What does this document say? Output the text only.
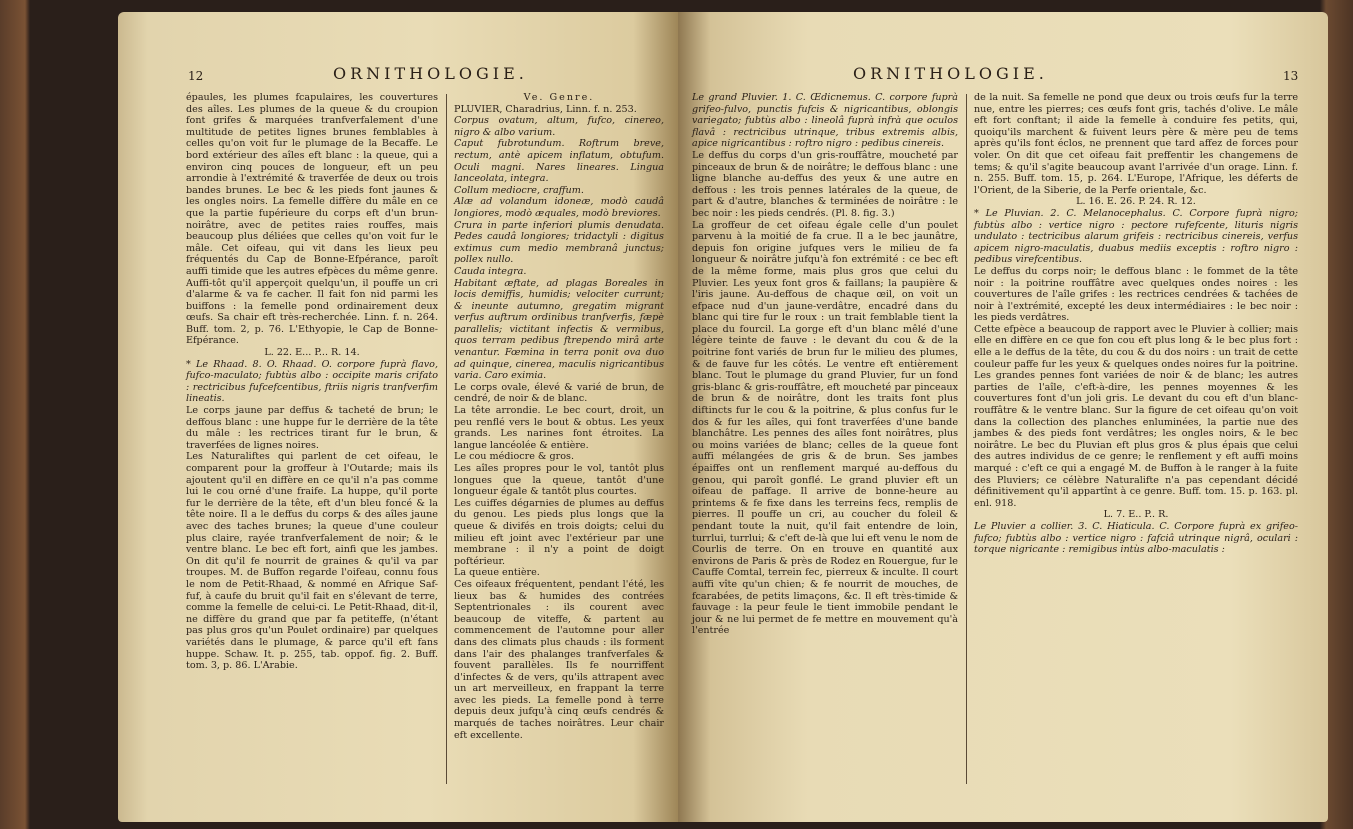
12	ORNITHOLOGIE.

épaules, les plumes fcapulaires, les couvertures des aîles. Les plumes de la queue & du croupion font grifes & marquées tranfverfalement d'une multitude de petites lignes brunes femblables à celles qu'on voit fur le plumage de la Becaffe. Le bord extérieur des aîles eft blanc : la queue, qui a environ cinq pouces de longueur, eft un peu arrondie à l'extrémité & traverfée de deux ou trois bandes brunes. Le bec & les pieds font jaunes & les ongles noirs. La femelle diffère du mâle en ce que la partie fupérieure du corps eft d'un brun-noirâtre, avec de petites raies rouffes, mais beaucoup plus déliées que celles qu'on voit fur le mâle. Cet oifeau, qui vit dans les lieux peu fréquentés du Cap de Bonne-Efpérance, paroît auffi timide que les autres efpèces du même genre. Auffi-tôt qu'il apperçoit quelqu'un, il pouffe un cri d'alarme & va fe cacher. Il fait fon nid parmi les buiffons : la femelle pond ordinairement deux œufs. Sa chair eft très-recherchée. Linn. f. n. 264. Buff. tom. 2, p. 76. L'Ethyopie, le Cap de Bonne-Efpérance.

L. 22. E... P... R. 14.

* Le Rhaad. 8. O. Rhaad. O. corpore fuprà flavo, fufco-maculato; fubtùs albo : occipite maris crifato : rectricibus fufcefcentibus, ftriis nigris tranfverfim lineatis.

Le corps jaune par deffus & tacheté de brun; le deffous blanc : une huppe fur le derrière de la tête du mâle : les rectrices tirant fur le brun, & traverfées de lignes noires.

Les Naturaliftes qui parlent de cet oifeau, le comparent pour la groffeur à l'Outarde; mais ils ajoutent qu'il en diffère en ce qu'il n'a pas comme lui le cou orné d'une fraife. La huppe, qu'il porte fur le derrière de la tête, eft d'un bleu foncé & la tête noire. Il a le deffus du corps & des aîles jaune avec des taches brunes; la queue d'une couleur plus claire, rayée tranfverfalement de noir; & le ventre blanc. Le bec eft fort, ainfi que les jambes. On dit qu'il fe nourrit de graines & qu'il va par troupes. M. de Buffon regarde l'oifeau, connu fous le nom de Petit-Rhaad, & nommé en Afrique Saf-fuf, à caufe du bruit qu'il fait en s'élevant de terre, comme la femelle de celui-ci. Le Petit-Rhaad, dit-il, ne diffère du grand que par fa petiteffe, (n'étant pas plus gros qu'un Poulet ordinaire) par quelques variétés dans le plumage, & parce qu'il eft fans huppe. Schaw. It. p. 255, tab. oppof. fig. 2. Buff. tom. 3, p. 86. L'Arabie.

Ve. Genre.

PLUVIER, Charadrius, Linn. f. n. 253.

Corpus ovatum, altum, fufco, cinereo, nigro & albo varium.

Caput fubrotundum. Roftrum breve, rectum, antè apicem inflatum, obtufum. Oculi magni. Nares lineares. Lingua lanceolata, integra.

Collum mediocre, craffum.

Alæ ad volandum idoneæ, modò caudâ longiores, modò æquales, modò breviores.

Crura in parte inferiori plumis denudata. Pedes caudâ longiores; tridactyli : digitus extimus cum medio membranâ junctus; pollex nullo.

Cauda integra.

Habitant æftate, ad plagas Boreales in locis demiffis, humidis; velociter currunt; & ineunte autumno, gregatim migrant verfus auftrum ordinibus tranfverfis, fæpè parallelis; victitant infectis & vermibus, quos terram pedibus ftrependo mirâ arte venantur. Fœmina in terra ponit ova duo ad quinque, cinerea, maculis nigricantibus varia. Caro eximia.

Le corps ovale, élevé & varié de brun, de cendré, de noir & de blanc.

La tête arrondie. Le bec court, droit, un peu renflé vers le bout & obtus. Les yeux grands. Les narines font étroites. La langue lancéolée & entière.

Le cou médiocre & gros.

Les aîles propres pour le vol, tantôt plus longues que la queue, tantôt d'une longueur égale & tantôt plus courtes.

Les cuiffes dégarnies de plumes au deffus du genou. Les pieds plus longs que la queue & divifés en trois doigts; celui du milieu eft joint avec l'extérieur par une membrane : il n'y a point de doigt poftérieur.

La queue entière.

Ces oifeaux fréquentent, pendant l'été, les lieux bas & humides des contrées Septentrionales : ils courent avec beaucoup de viteffe, & partent au commencement de l'automne pour aller dans des climats plus chauds : ils forment dans l'air des phalanges tranfverfales & fouvent parallèles. Ils fe nourriffent d'infectes & de vers, qu'ils attrapent avec un art merveilleux, en frappant la terre avec les pieds. La femelle pond à terre depuis deux jufqu'à cinq œufs cendrés & marqués de taches noirâtres. Leur chair eft excellente.

ORNITHOLOGIE.	13

Le grand Pluvier. 1. C. Œdicnemus. C. corpore fuprà grifeo-fulvo, punctis fufcis & nigricantibus, oblongis variegato; fubtùs albo : lineolâ fuprà infrà que oculos flavâ : rectricibus utrinque, tribus extremis albis, apice nigricantibus : roftro nigro : pedibus cinereis.

Le deffus du corps d'un gris-rouffâtre, moucheté par pinceaux de brun & de noirâtre; le deffous blanc : une ligne blanche au-deffus des yeux & une autre en deffous : les trois pennes latérales de la queue, de part & d'autre, blanches & terminées de noirâtre : le bec noir : les pieds cendrés. (Pl. 8. fig. 3.)

La groffeur de cet oifeau égale celle d'un poulet parvenu à la moitié de fa crue. Il a le bec jaunâtre, depuis fon origine jufques vers le milieu de fa longueur & noirâtre jufqu'à fon extrémité : ce bec eft de la même forme, mais plus gros que celui du Pluvier. Les yeux font gros & faillans; la paupière & l'iris jaune. Au-deffous de chaque œil, on voit un efpace nud d'un jaune-verdâtre, encadré dans du blanc qui tire fur le roux : un trait femblable tient la place du fourcil. La gorge eft d'un blanc mêlé d'une légère teinte de fauve : le devant du cou & de la poitrine font variés de brun fur le milieu des plumes, & de fauve fur les côtés. Le ventre eft entièrement blanc. Tout le plumage du grand Pluvier, fur un fond gris-blanc & gris-rouffâtre, eft moucheté par pinceaux de brun & de noirâtre, dont les traits font plus diftincts fur le cou & la poitrine, & plus confus fur le dos & fur les aîles, qui font traverfées d'une bande blanchâtre. Les pennes des aîles font noirâtres, plus ou moins variées de blanc; celles de la queue font auffi mélangées de gris & de brun. Ses jambes épaiffes ont un renflement marqué au-deffous du genou, qui paroît gonflé. Le grand pluvier eft un oifeau de paffage. Il arrive de bonne-heure au printems & fe fixe dans les terreins fecs, remplis de pierres. Il pouffe un cri, au coucher du foleil & pendant toute la nuit, qu'il fait entendre de loin, turrlui, turrlui; & c'eft de-là que lui eft venu le nom de Courlis de terre. On en trouve en quantité aux environs de Paris & près de Rodez en Rouergue, fur le Cauffe Comtal, terrein fec, pierreux & inculte. Il court auffi vîte qu'un chien; & fe nourrit de mouches, de fcarabées, de petits limaçons, &c. Il eft très-timide & fauvage : la peur feule le tient immobile pendant le jour & ne lui permet de fe mettre en mouvement qu'à l'entrée

de la nuit. Sa femelle ne pond que deux ou trois œufs fur la terre nue, entre les pierres; ces œufs font gris, tachés d'olive. Le mâle eft fort conftant; il aide la femelle à conduire fes petits, qui, quoiqu'ils marchent & fuivent leurs père & mère peu de tems après qu'ils font éclos, ne prennent que tard affez de forces pour voler. On dit que cet oifeau fait preffentir les changemens de tems; & qu'il s'agite beaucoup avant l'arrivée d'un orage. Linn. f. n. 255. Buff. tom. 15, p. 264. L'Europe, l'Afrique, les déferts de l'Orient, de la Siberie, de la Perfe orientale, &c.

L. 16. E. 26. P. 24. R. 12.

* Le Pluvian. 2. C. Melanocephalus. C. Corpore fuprà nigro; fubtùs albo : vertice nigro : pectore rufefcente, lituris nigris undulato : tectricibus alarum grifeis : rectricibus cinereis, verfus apicem nigro-maculatis, duabus mediis exceptis : roftro nigro : pedibus virefcentibus.

Le deffus du corps noir; le deffous blanc : le fommet de la tête noir : la poitrine rouffâtre avec quelques ondes noires : les couvertures de l'aîle grifes : les rectrices cendrées & tachées de noir à l'extrémité, excepté les deux intermédiaires : le bec noir : les pieds verdâtres.

Cette efpèce a beaucoup de rapport avec le Pluvier à collier; mais elle en diffère en ce que fon cou eft plus long & le bec plus fort : elle a le deffus de la tête, du cou & du dos noirs : un trait de cette couleur paffe fur les yeux & quelques ondes noires fur la poitrine. Les grandes pennes font variées de noir & de blanc; les autres parties de l'aîle, c'eft-à-dire, les pennes moyennes & les couvertures font d'un joli gris. Le devant du cou eft d'un blanc-rouffâtre & le ventre blanc. Sur la figure de cet oifeau qu'on voit dans la collection des planches enluminées, la partie nue des jambes & des pieds font verdâtres; les ongles noirs, & le bec noirâtre. Le bec du Pluvian eft plus gros & plus épais que celui des autres individus de ce genre; le renflement y eft auffi moins marqué : c'eft ce qui a engagé M. de Buffon à le ranger à la fuite des Pluviers; ce célèbre Naturalifte n'a pas cependant décidé définitivement qu'il appartînt à ce genre. Buff. tom. 15. p. 163. pl. enl. 918.

L. 7. E.. P.. R.

Le Pluvier a collier. 3. C. Hiaticula. C. Corpore fuprà ex grifeo-fufco; fubtùs albo : vertice nigro : fafciâ utrinque nigrâ, oculari : torque nigricante : remigibus intùs albo-maculatis :
